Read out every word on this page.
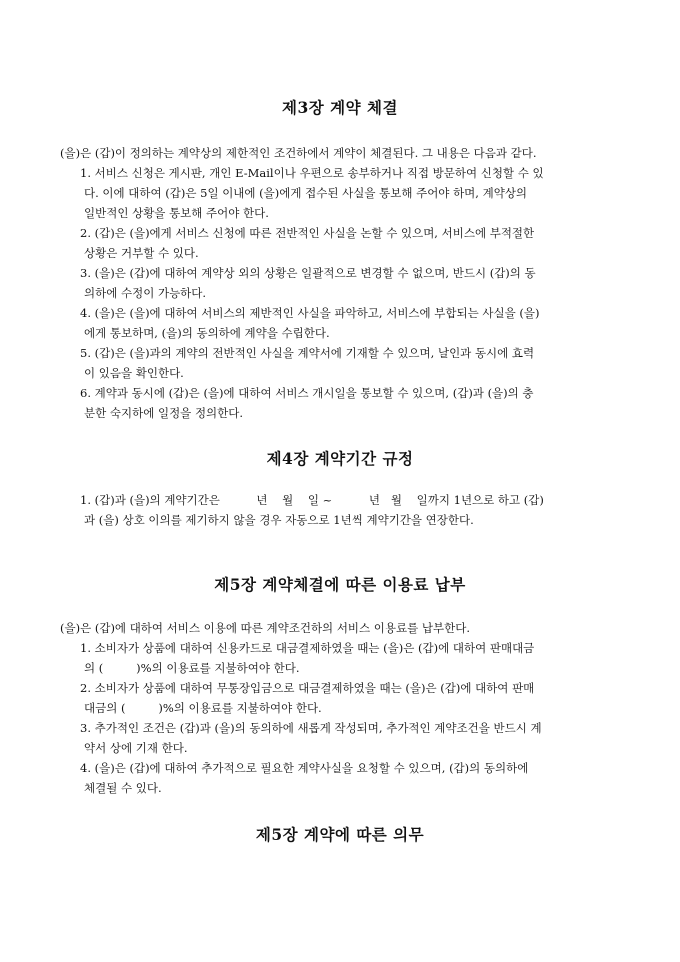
제3장 계약 체결
(을)은 (갑)이 정의하는 계약상의 제한적인 조건하에서 계약이 체결된다. 그 내용은 다음과 같다.
1. 서비스 신청은 게시판, 개인 E-Mail이나 우편으로 송부하거나 직접 방문하여 신청할 수 있
다. 이에 대하여 (갑)은 5일 이내에 (을)에게 접수된 사실을 통보해 주어야 하며, 계약상의
일반적인 상황을 통보해 주어야 한다.
2. (갑)은 (을)에게 서비스 신청에 따른 전반적인 사실을 논할 수 있으며, 서비스에 부적절한
상황은 거부할 수 있다.
3. (을)은 (갑)에 대하여 계약상 외의 상황은 일괄적으로 변경할 수 없으며, 반드시 (갑)의 동
의하에 수정이 가능하다.
4. (을)은 (을)에 대하여 서비스의 제반적인 사실을 파악하고, 서비스에 부합되는 사실을 (을)
에게 통보하며, (을)의 동의하에 계약을 수립한다.
5. (갑)은 (을)과의 계약의 전반적인 사실을 계약서에 기재할 수 있으며, 날인과 동시에 효력
이 있음을 확인한다.
6. 계약과 동시에 (갑)은 (을)에 대하여 서비스 개시일을 통보할 수 있으며, (갑)과 (을)의 충
분한 숙지하에 일정을 정의한다.
제4장 계약기간 규정
1. (갑)과 (을)의 계약기간은          년    월    일 ~          년   월    일까지 1년으로 하고 (갑)
과 (을) 상호 이의를 제기하지 않을 경우 자동으로 1년씩 계약기간을 연장한다.
제5장 계약체결에 따른 이용료 납부
(을)은 (갑)에 대하여 서비스 이용에 따른 계약조건하의 서비스 이용료를 납부한다.
1. 소비자가 상품에 대하여 신용카드로 대금결제하였을 때는 (을)은 (갑)에 대하여 판매대금
의 (         )%의 이용료를 지불하여야 한다.
2. 소비자가 상품에 대하여 무통장입금으로 대금결제하였을 때는 (을)은 (갑)에 대하여 판매
대금의 (         )%의 이용료를 지불하여야 한다.
3. 추가적인 조건은 (갑)과 (을)의 동의하에 새롭게 작성되며, 추가적인 계약조건을 반드시 계
약서 상에 기재 한다.
4. (을)은 (갑)에 대하여 추가적으로 필요한 계약사실을 요청할 수 있으며, (갑)의 동의하에
체결될 수 있다.
제5장 계약에 따른 의무
